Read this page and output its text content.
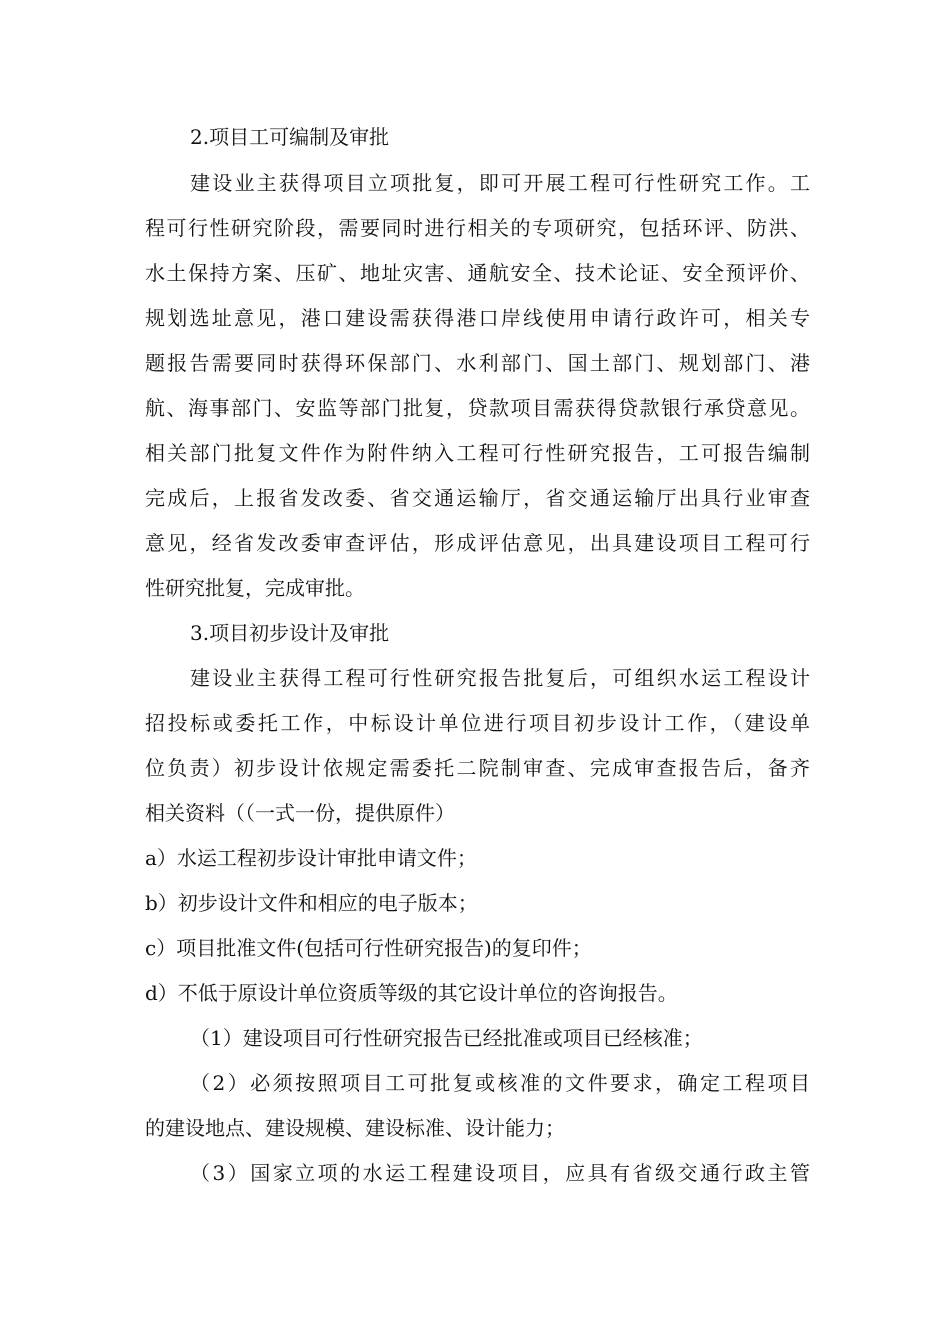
2.项目工可编制及审批
建设业主获得项目立项批复，即可开展工程可行性研究工作。工
程可行性研究阶段，需要同时进行相关的专项研究，包括环评、防洪、
水土保持方案、压矿、地址灾害、通航安全、技术论证、安全预评价、
规划选址意见，港口建设需获得港口岸线使用申请行政许可，相关专
题报告需要同时获得环保部门、水利部门、国土部门、规划部门、港
航、海事部门、安监等部门批复，贷款项目需获得贷款银行承贷意见。
相关部门批复文件作为附件纳入工程可行性研究报告，工可报告编制
完成后，上报省发改委、省交通运输厅，省交通运输厅出具行业审查
意见，经省发改委审查评估，形成评估意见，出具建设项目工程可行
性研究批复，完成审批。
3.项目初步设计及审批
建设业主获得工程可行性研究报告批复后，可组织水运工程设计
招投标或委托工作，中标设计单位进行项目初步设计工作，（建设单
位负责）初步设计依规定需委托二院制审查、完成审查报告后，备齐
相关资料（（一式一份，提供原件）
a）水运工程初步设计审批申请文件；
b）初步设计文件和相应的电子版本；
c）项目批准文件(包括可行性研究报告)的复印件；
d）不低于原设计单位资质等级的其它设计单位的咨询报告。
（1）建设项目可行性研究报告已经批准或项目已经核准；
（2）必须按照项目工可批复或核准的文件要求，确定工程项目
的建设地点、建设规模、建设标准、设计能力；
（3）国家立项的水运工程建设项目，应具有省级交通行政主管
